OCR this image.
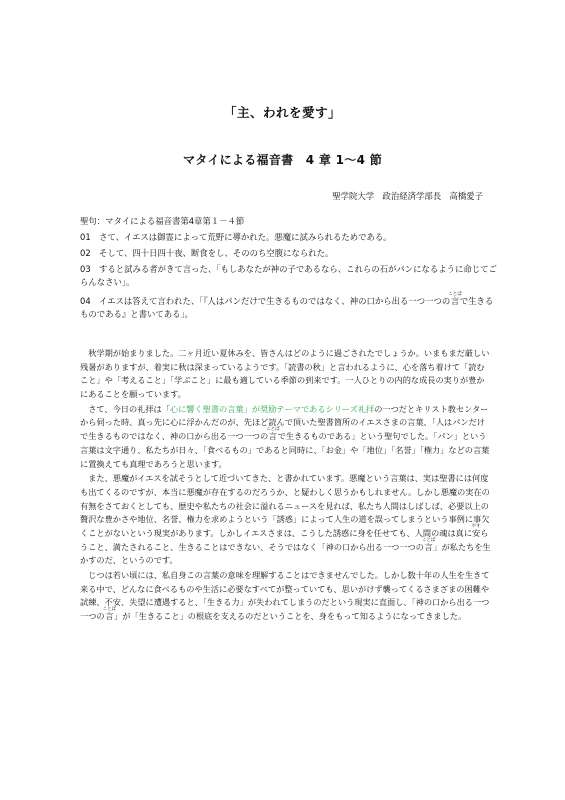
「主、われを愛す」
マタイによる福音書　4 章 1～4 節
聖学院大学　政治経済学部長　高橋愛子

聖句：マタイによる福音書第4章第１－４節

01　さて、イエスは御霊によって荒野に導かれた。悪魔に試みられるためである。

02　そして、四十日四十夜、断食をし、そののち空腹になられた。

03　すると試みる者がきて言った、「もしあなたが神の子であるなら、これらの石がパンになるように命じてごらんなさい」。

04　イエスは答えて言われた、「『人はパンだけで生きるものではなく、神の口から出る一つ一つの言ことばで生きるものである』と書いてある」。

秋学期が始まりました。二ヶ月近い夏休みを、皆さんはどのように過ごされたでしょうか。いまもまだ厳しい残暑がありますが、着実に秋は深まっているようです。「読書の秋」と言われるように、心を落ち着けて「読むこと」や「考えること」「学ぶこと」に最も適している季節の到来です。一人ひとりの内的な成長の実りが豊かにあることを願っています。

さて、今日の礼拝は「心に響く聖書の言葉」が奨励テーマであるシリーズ礼拝の一つだとキリスト教センターから伺った時、真っ先に心に浮かんだのが、先ほど読んで頂いた聖書箇所のイエスさまの言葉、「人はパンだけで生きるものではなく、神の口から出る一つ一つの言ことばで生きるものである」という聖句でした。「パン」という言葉は文字通り、私たちが日々、「食べるもの」であると同時に、「お金」や「地位」「名誉」「権力」などの言葉に置換えても真理であろうと思います。

また、悪魔がイエスを試そうとして近づいてきた、と書かれています。悪魔という言葉は、実は聖書には何度も出てくるのですが、本当に悪魔が存在するのだろうか、と疑わしく思うかもしれません。しかし悪魔の実在の有無をさておくとしても、歴史や私たちの社会に溢れるニュースを見れば、私たち人間はしばしば、必要以上の贅沢な豊かさや地位、名誉、権力を求めようという「誘惑」によって人生の道を誤ってしまうという事例に事欠くことがないという現実があります。しかしイエスさまは、こうした誘惑に身を任せても、人間の魂は真に安やすらうこと、満たされること、生きることはできない、そうではなく「神の口から出る一つ一つの言ことば」が私たちを生かすのだ、というのです。

じつは若い頃には、私自身この言葉の意味を理解することはできませんでした。しかし数十年の人生を生きて来る中で、どんなに食べるものや生活に必要なすべてが整っていても、思いがけず襲ってくるさまざまの困難や試練、不安、失望に遭遇すると、「生きる力」が失われてしまうのだという現実に直面し、「神の口から出る一つ一つの言ことば」が「生きること」の根底を支えるのだということを、身をもって知るようになってきました。
